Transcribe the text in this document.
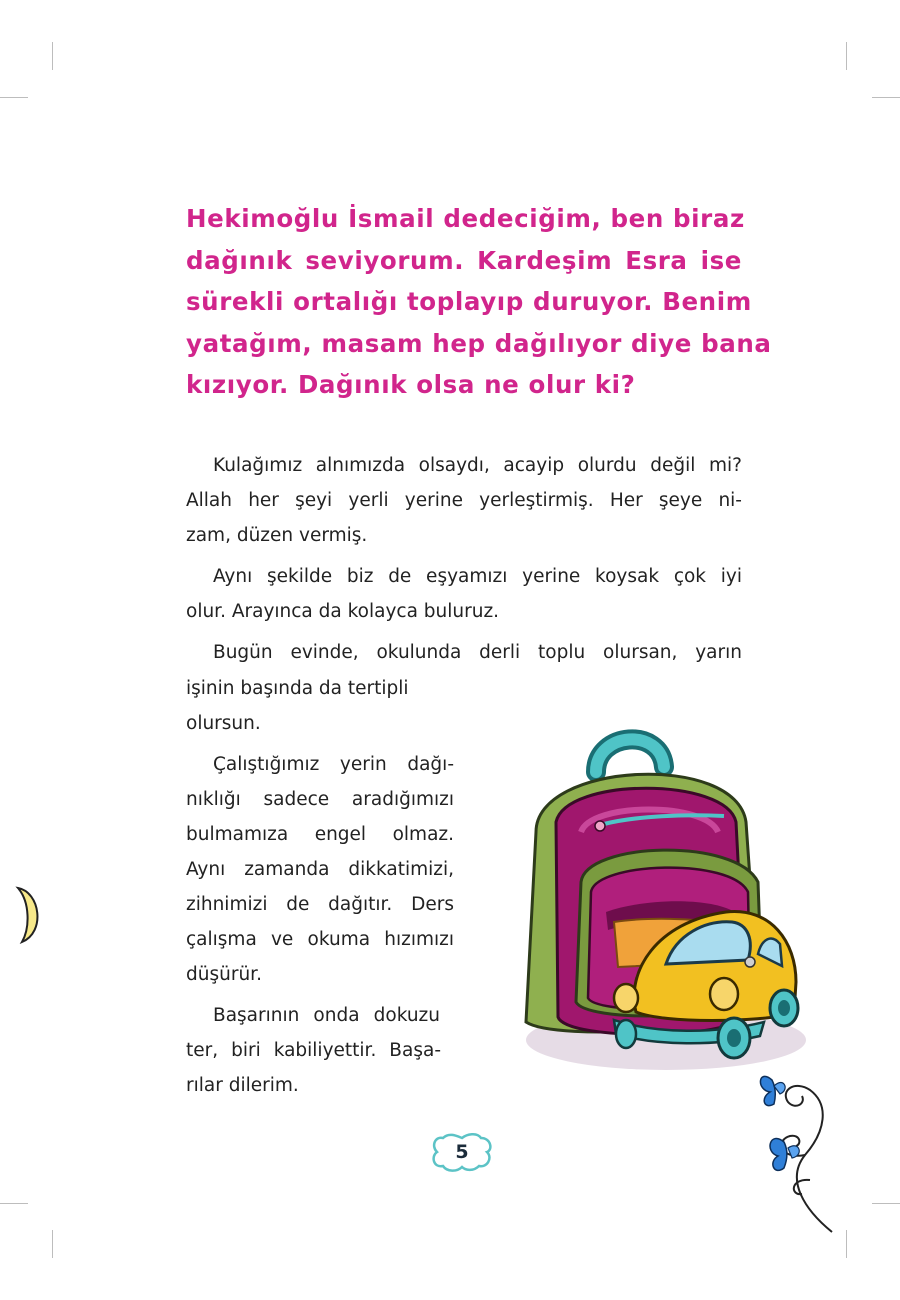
Hekimoğlu İsmail dedeciğim, ben biraz
dağınık seviyorum. Kardeşim Esra ise
sürekli ortalığı toplayıp duruyor. Benim
yatağım, masam hep dağılıyor diye bana
kızıyor. Dağınık olsa ne olur ki?
Kulağımız alnımızda olsaydı, acayip olurdu değil mi?
Allah her şeyi yerli yerine yerleştirmiş. Her şeye ni-
zam, düzen vermiş.
Aynı şekilde biz de eşyamızı yerine koysak çok iyi
olur. Arayınca da kolayca buluruz.
Bugün evinde, okulunda derli toplu olursan, yarın
işinin başında da tertipli
olursun.
Çalıştığımız yerin dağı-
nıklığı sadece aradığımızı
bulmamıza engel olmaz.
Aynı zamanda dikkatimizi,
zihnimizi de dağıtır. Ders
çalışma ve okuma hızımızı
düşürür.
Başarının onda dokuzu
ter, biri kabiliyettir. Başa-
rılar dilerim.
5
